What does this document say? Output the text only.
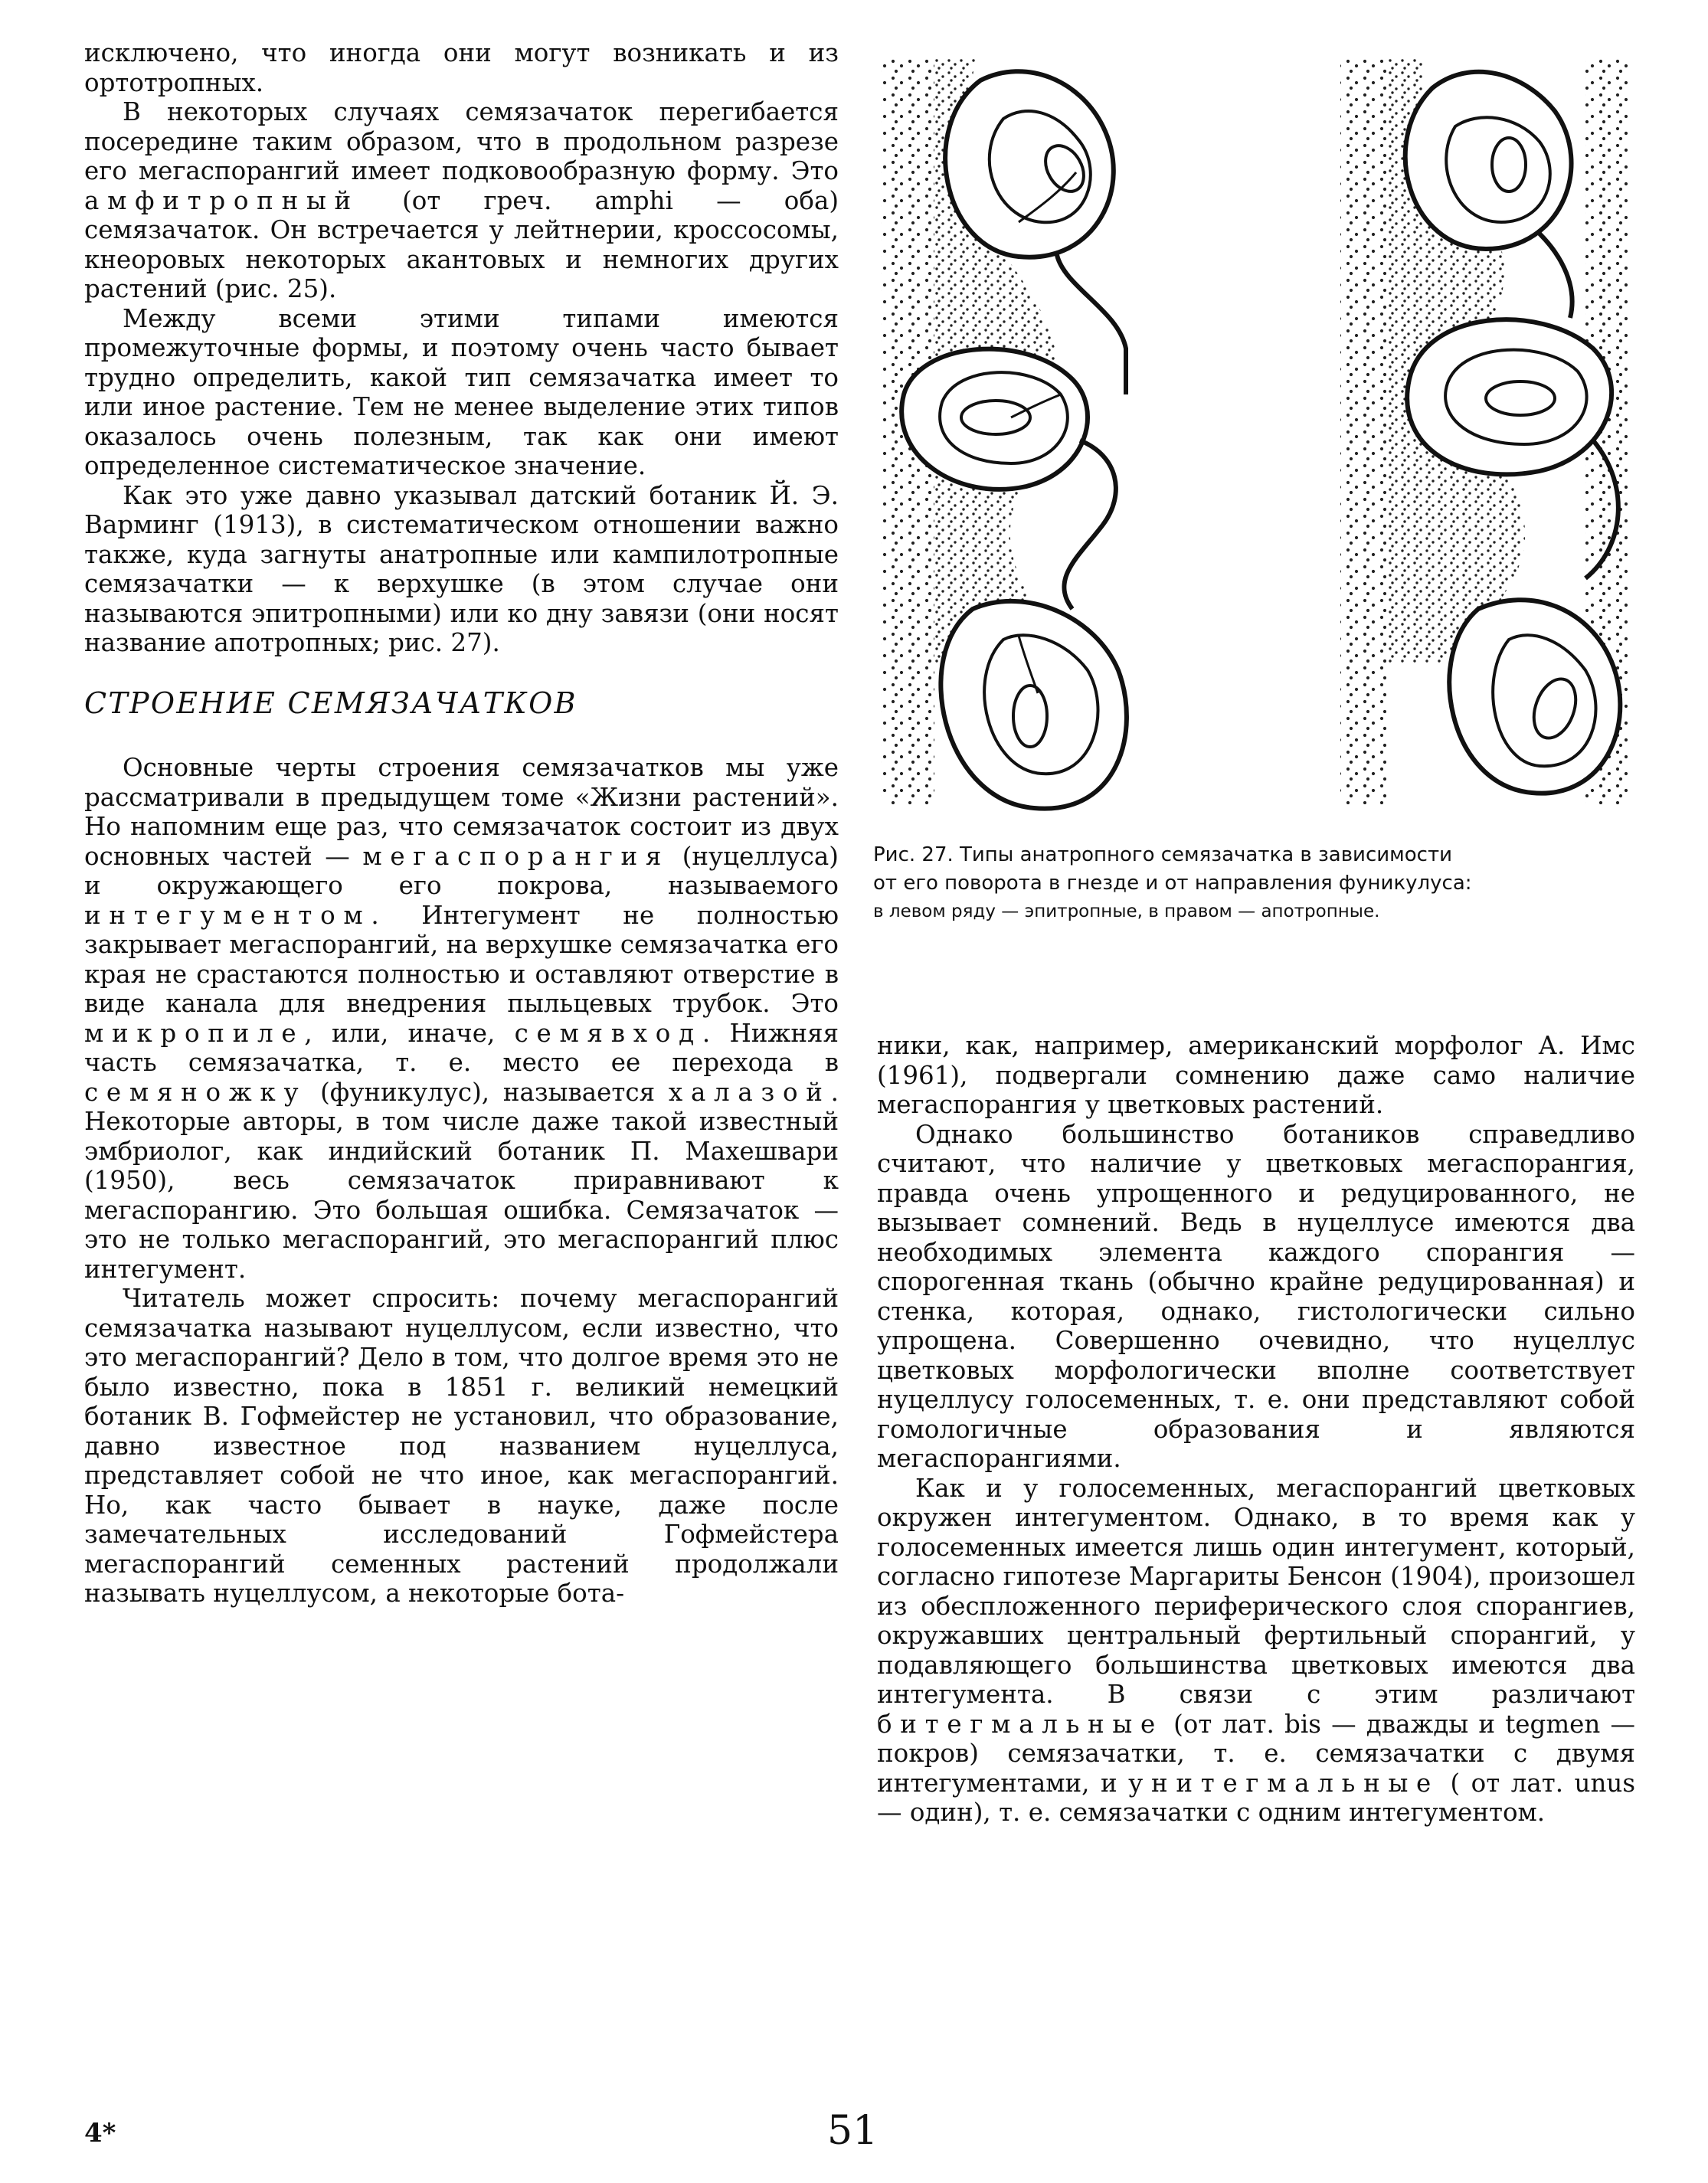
исключено, что иногда они могут возникать и из ортотропных.

В некоторых случаях семязачаток перегибается посередине таким образом, что в продольном разрезе его мегаспорангий имеет подковообразную форму. Это амфитропный (от греч. amphi — оба) семязачаток. Он встречается у лейтнерии, кроссосомы, кнеоровых некоторых акантовых и немногих других растений (рис. 25).

Между всеми этими типами имеются промежуточные формы, и поэтому очень часто бывает трудно определить, какой тип семязачатка имеет то или иное растение. Тем не менее выделение этих типов оказалось очень полезным, так как они имеют определенное систематическое значение.

Как это уже давно указывал датский ботаник Й. Э. Варминг (1913), в систематическом отношении важно также, куда загнуты анатропные или кампилотропные семязачатки — к верхушке (в этом случае они называются эпитропными) или ко дну завязи (они носят название апотропных; рис. 27).

СТРОЕНИЕ СЕМЯЗАЧАТКОВ

Основные черты строения семязачатков мы уже рассматривали в предыдущем томе «Жизни растений». Но напомним еще раз, что семязачаток состоит из двух основных частей — мегаспорангия (нуцеллуса) и окружающего его покрова, называемого интегументом. Интегумент не полностью закрывает мегаспорангий, на верхушке семязачатка его края не срастаются полностью и оставляют отверстие в виде канала для внедрения пыльцевых трубок. Это микропиле, или, иначе, семявход. Нижняя часть семязачатка, т. е. место ее перехода в семяножку (фуникулус), называется халазой. Некоторые авторы, в том числе даже такой известный эмбриолог, как индийский ботаник П. Махешвари (1950), весь семязачаток приравнивают к мегаспорангию. Это большая ошибка. Семязачаток — это не только мегаспорангий, это мегаспорангий плюс интегумент.

Читатель может спросить: почему мегаспорангий семязачатка называют нуцеллусом, если известно, что это мегаспорангий? Дело в том, что долгое время это не было известно, пока в 1851 г. великий немецкий ботаник В. Гофмейстер не установил, что образование, давно известное под названием нуцеллуса, представляет собой не что иное, как мегаспорангий. Но, как часто бывает в науке, даже после замечательных исследований Гофмейстера мегаспорангий семенных растений продолжали называть нуцеллусом, а некоторые бота-

Рис. 27. Типы анатропного семязачатка в зависимости
от его поворота в гнезде и от направления фуникулуса:
в левом ряду — эпитропные, в правом — апотропные.

ники, как, например, американский морфолог А. Имс (1961), подвергали сомнению даже само наличие мегаспорангия у цветковых растений.

Однако большинство ботаников справедливо считают, что наличие у цветковых мегаспорангия, правда очень упрощенного и редуцированного, не вызывает сомнений. Ведь в нуцеллусе имеются два необходимых элемента каждого спорангия — спорогенная ткань (обычно крайне редуцированная) и стенка, которая, однако, гистологически сильно упрощена. Совершенно очевидно, что нуцеллус цветковых морфологически вполне соответствует нуцеллусу голосеменных, т. е. они представляют собой гомологичные образования и являются мегаспорангиями.

Как и у голосеменных, мегаспорангий цветковых окружен интегументом. Однако, в то время как у голосеменных имеется лишь один интегумент, который, согласно гипотезе Маргариты Бенсон (1904), произошел из обеспложенного периферического слоя спорангиев, окружавших центральный фертильный спорангий, у подавляющего большинства цветковых имеются два интегумента. В связи с этим различают битегмальные (от лат. bis — дважды и tegmen — покров) семязачатки, т. е. семязачатки с двумя интегументами, и унитегмальные ( от лат. unus — один), т. е. семязачатки с одним интегументом.

4*	51
